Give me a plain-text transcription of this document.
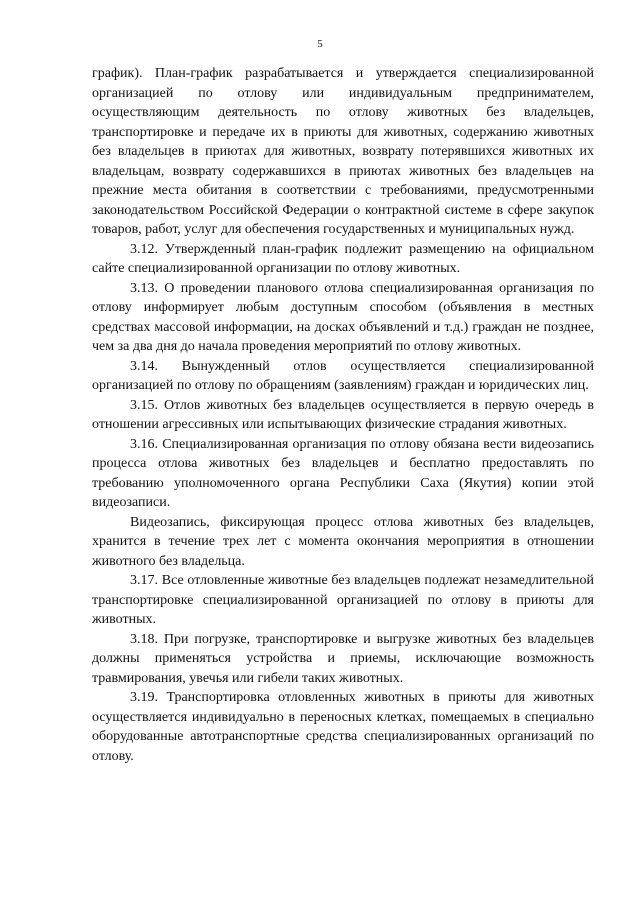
5

график). План-график разрабатывается и утверждается специализированной организацией по отлову или индивидуальным предпринимателем, осуществляющим деятельность по отлову животных без владельцев, транспортировке и передаче их в приюты для животных, содержанию животных без владельцев в приютах для животных, возврату потерявшихся животных их владельцам, возврату содержавшихся в приютах животных без владельцев на прежние места обитания в соответствии с требованиями, предусмотренными законодательством Российской Федерации о контрактной системе в сфере закупок товаров, работ, услуг для обеспечения государственных и муниципальных нужд.

3.12. Утвержденный план-график подлежит размещению на официальном сайте специализированной организации по отлову животных.

3.13. О проведении планового отлова специализированная организация по отлову информирует любым доступным способом (объявления в местных средствах массовой информации, на досках объявлений и т.д.) граждан не позднее, чем за два дня до начала проведения мероприятий по отлову животных.

3.14. Вынужденный отлов осуществляется специализированной организацией по отлову по обращениям (заявлениям) граждан и юридических лиц.

3.15. Отлов животных без владельцев осуществляется в первую очередь в отношении агрессивных или испытывающих физические страдания животных.

3.16. Специализированная организация по отлову обязана вести видеозапись процесса отлова животных без владельцев и бесплатно предоставлять по требованию уполномоченного органа Республики Саха (Якутия) копии этой видеозаписи.

Видеозапись, фиксирующая процесс отлова животных без владельцев, хранится в течение трех лет с момента окончания мероприятия в отношении животного без владельца.

3.17. Все отловленные животные без владельцев подлежат незамедлительной транспортировке специализированной организацией по отлову в приюты для животных.

3.18. При погрузке, транспортировке и выгрузке животных без владельцев должны применяться устройства и приемы, исключающие возможность травмирования, увечья или гибели таких животных.

3.19. Транспортировка отловленных животных в приюты для животных осуществляется индивидуально в переносных клетках, помещаемых в специально оборудованные автотранспортные средства специализированных организаций по отлову.
